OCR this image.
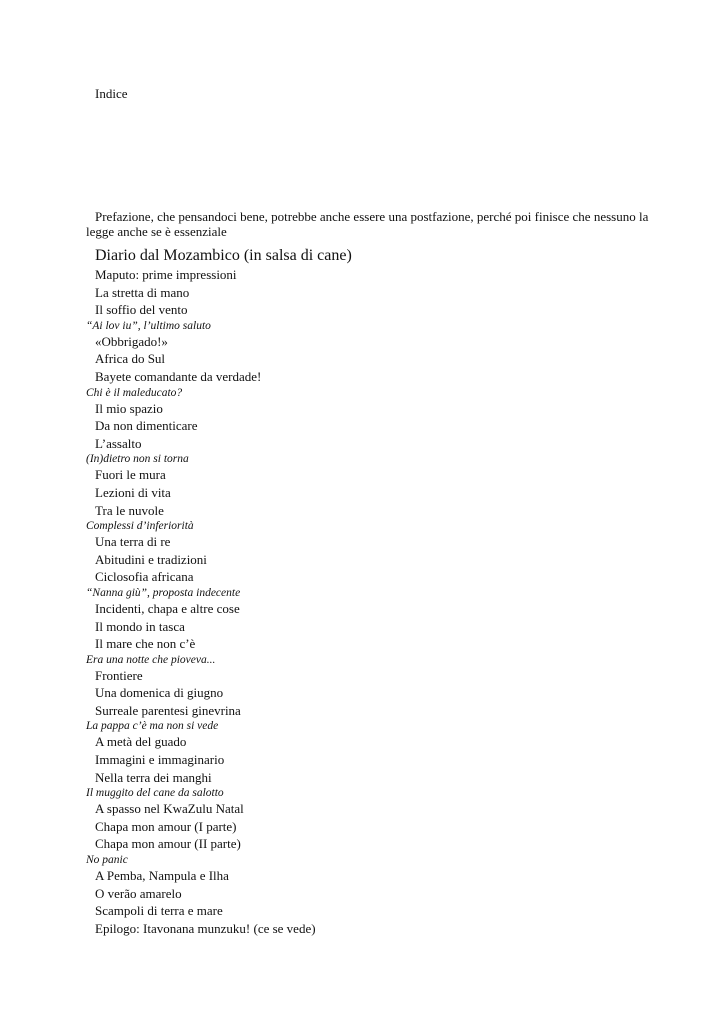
Indice
Prefazione, che pensandoci bene, potrebbe anche essere una postfazione, perché poi finisce che nessuno la legge anche se è essenziale
Diario dal Mozambico (in salsa di cane)
Maputo: prime impressioni
La stretta di mano
Il soffio del vento
“Ai lov iu”, l’ultimo saluto
«Obbrigado!»
Africa do Sul
Bayete comandante da verdade!
Chi è il maleducato?
Il mio spazio
Da non dimenticare
L’assalto
(In)dietro non si torna
Fuori le mura
Lezioni di vita
Tra le nuvole
Complessi d’inferiorità
Una terra di re
Abitudini e tradizioni
Ciclosofia africana
“Nanna giù”, proposta indecente
Incidenti, chapa e altre cose
Il mondo in tasca
Il mare che non c’è
Era una notte che pioveva...
Frontiere
Una domenica di giugno
Surreale parentesi ginevrina
La pappa c’è ma non si vede
A metà del guado
Immagini e immaginario
Nella terra dei manghi
Il muggito del cane da salotto
A spasso nel KwaZulu Natal
Chapa mon amour (I parte)
Chapa mon amour (II parte)
No panic
A Pemba, Nampula e Ilha
O verão amarelo
Scampoli di terra e mare
Epilogo: Itavonana munzuku! (ce se vede)
